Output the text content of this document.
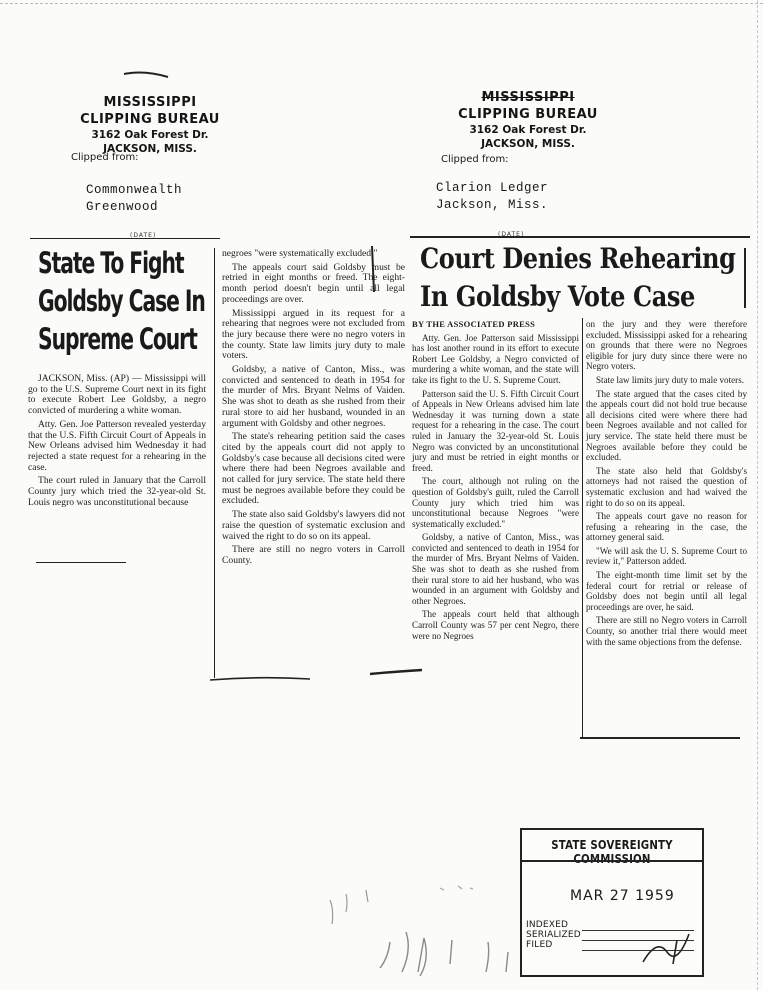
MISSISSIPPI
CLIPPING BUREAU
3162 Oak Forest Dr.
JACKSON, MISS.
Clipped from:
Commonwealth
Greenwood
(DATE)
State To Fight
Goldsby Case In
Supreme Court

JACKSON, Miss. (AP) — Mississippi will go to the U.S. Supreme Court next in its fight to execute Robert Lee Goldsby, a negro convicted of murdering a white woman.

Atty. Gen. Joe Patterson revealed yesterday that the U.S. Fifth Circuit Court of Appeals in New Orleans advised him Wednesday it had rejected a state request for a rehearing in the case.

The court ruled in January that the Carroll County jury which tried the 32-year-old St. Louis negro was unconstitutional because

negroes "were systematically excluded."

The appeals court said Goldsby must be retried in eight months or freed. The eight-month period doesn't begin until all legal proceedings are over.

Mississippi argued in its request for a rehearing that negroes were not excluded from the jury because there were no negro voters in the county. State law limits jury duty to male voters.

Goldsby, a native of Canton, Miss., was convicted and sentenced to death in 1954 for the murder of Mrs. Bryant Nelms of Vaiden. She was shot to death as she rushed from their rural store to aid her husband, wounded in an argument with Goldsby and other negroes.

The state's rehearing petition said the cases cited by the appeals court did not apply to Goldsby's case because all decisions cited were where there had been Negroes available and not called for jury service. The state held there must be negroes available before they could be excluded.

The state also said Goldsby's lawyers did not raise the question of systematic exclusion and waived the right to do so on its appeal.

There are still no negro voters in Carroll County.

MISSISSIPPI
CLIPPING BUREAU
3162 Oak Forest Dr.
JACKSON, MISS.
Clipped from:
Clarion Ledger
Jackson, Miss.
(DATE)
Court Denies Rehearing
In Goldsby Vote Case

BY THE ASSOCIATED PRESS

Atty. Gen. Joe Patterson said Mississippi has lost another round in its effort to execute Robert Lee Goldsby, a Negro convicted of murdering a white woman, and the state will take its fight to the U. S. Supreme Court.

Patterson said the U. S. Fifth Circuit Court of Appeals in New Orleans advised him late Wednesday it was turning down a state request for a rehearing in the case. The court ruled in January the 32-year-old St. Louis Negro was convicted by an unconstitutional jury and must be retried in eight months or freed.

The court, although not ruling on the question of Goldsby's guilt, ruled the Carroll County jury which tried him was unconstitutional because Negroes "were systematically excluded."

Goldsby, a native of Canton, Miss., was convicted and sentenced to death in 1954 for the murder of Mrs. Bryant Nelms of Vaiden. She was shot to death as she rushed from their rural store to aid her husband, who was wounded in an argument with Goldsby and other Negroes.

The appeals court held that although Carroll County was 57 per cent Negro, there were no Negroes

on the jury and they were therefore excluded. Mississippi asked for a rehearing on grounds that there were no Negroes eligible for jury duty since there were no Negro voters.

State law limits jury duty to male voters.

The state argued that the cases cited by the appeals court did not hold true because all decisions cited were where there had been Negroes available and not called for jury service. The state held there must be Negroes available before they could be excluded.

The state also held that Goldsby's attorneys had not raised the question of systematic exclusion and had waived the right to do so on its appeal.

The appeals court gave no reason for refusing a rehearing in the case, the attorney general said.

"We will ask the U. S. Supreme Court to review it," Patterson added.

The eight-month time limit set by the federal court for retrial or release of Goldsby does not begin until all legal proceedings are over, he said.

There are still no Negro voters in Carroll County, so another trial there would meet with the same objections from the defense.

STATE SOVEREIGNTY COMMISSION
MAR 27 1959
INDEXED
SERIALIZED
FILED
